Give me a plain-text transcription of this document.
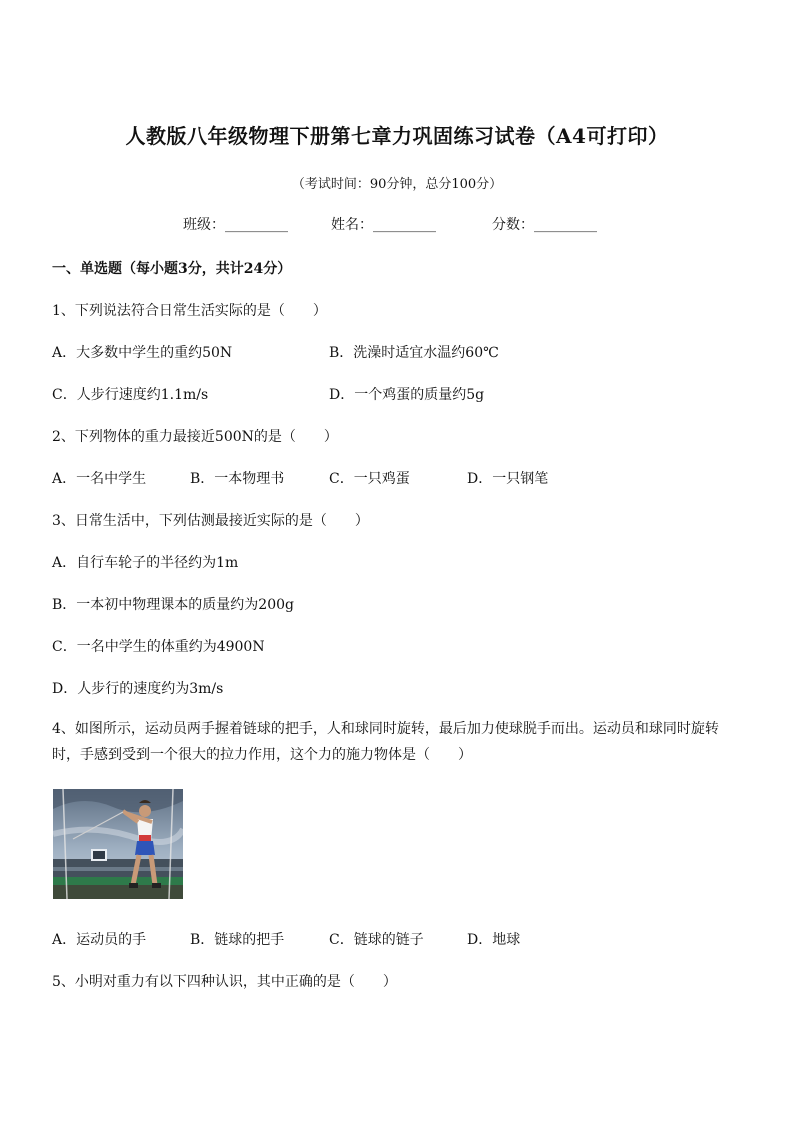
人教版八年级物理下册第七章力巩固练习试卷（A4可打印）
（考试时间：90分钟，总分100分）
班级：_________	姓名：_________	分数：_________
一、单选题（每小题3分，共计24分）
1、下列说法符合日常生活实际的是（　　）
A．大多数中学生的重约50N	B．洗澡时适宜水温约60℃
C．人步行速度约1.1m/s	D．一个鸡蛋的质量约5g
2、下列物体的重力最接近500N的是（　　）
A．一名中学生	B．一本物理书	C．一只鸡蛋	D．一只钢笔
3、日常生活中，下列估测最接近实际的是（　　）
A．自行车轮子的半径约为1m
B．一本初中物理课本的质量约为200g
C．一名中学生的体重约为4900N
D．人步行的速度约为3m/s
4、如图所示，运动员两手握着链球的把手，人和球同时旋转，最后加力使球脱手而出。运动员和球同时旋转时，手感到受到一个很大的拉力作用，这个力的施力物体是（　　）
A．运动员的手	B．链球的把手	C．链球的链子	D．地球
5、小明对重力有以下四种认识，其中正确的是（　　）
